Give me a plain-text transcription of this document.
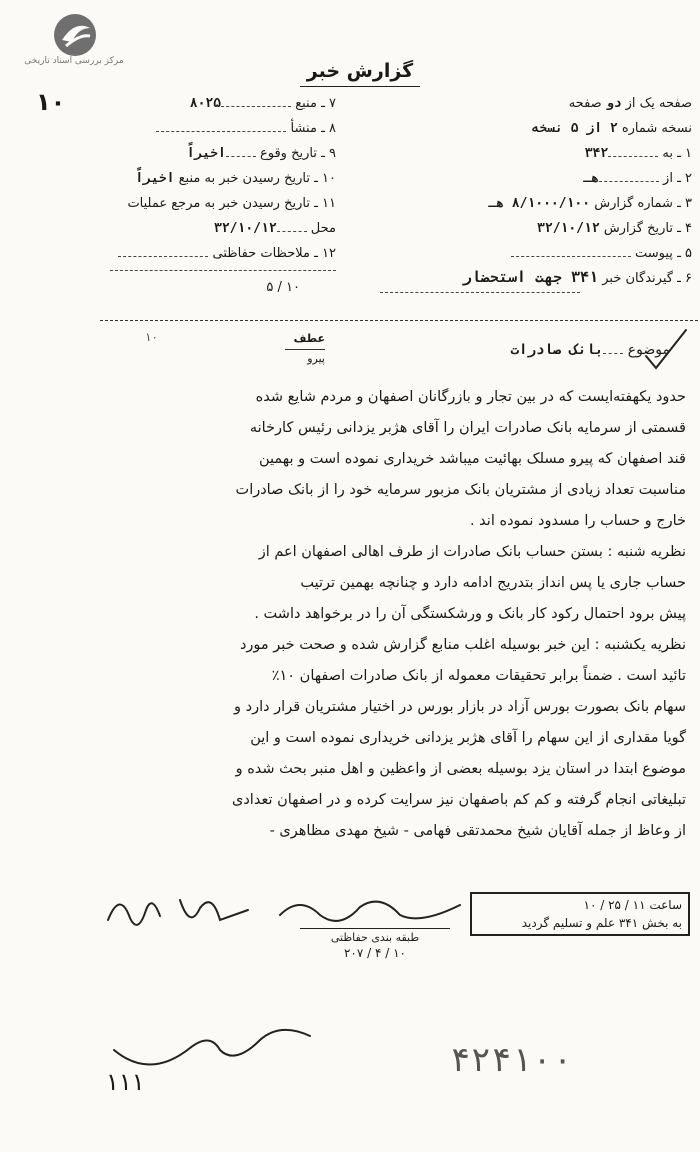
مرکز بررسی اسناد تاریخی	گزارش خبر
۱۰	۷ ـ منبع ۸۰۲۵
۸ ـ منشأ
۹ ـ تاریخ وقوع اخیراً
۱۰ ـ تاریخ رسیدن خبر به منبع اخیراً
۱۱ ـ تاریخ رسیدن خبر به مرجع عملیات
محل ۳۲/۱۰/۱۲
۱۲ ـ ملاحظات حفاظتی
۵ / ۱۰
صفحه یک از دو صفحه
نسخه شماره ۲ از ۵ نسخه
۱ ـ به ۳۴۲
۲ ـ از هـ
۳ ـ شماره گزارش ۸/۱۰۰۰/۱۰۰ هـ
۴ ـ تاریخ گزارش ۳۲/۱۰/۱۲
۵ ـ پیوست
۶ ـ گیرندگان خبر ۳۴۱ جهت استحضار
عطف
پیرو
۱۰
موضوع بانک صادرات

حدود یکهفته‌ایست که در بین تجار و بازرگانان اصفهان و مردم شایع شده

قسمتی از سرمایه بانک صادرات ایران را آقای هژبر یزدانی رئیس کارخانه

قند اصفهان که پیرو مسلک بهائیت میباشد خریداری نموده است و بهمین

مناسبت تعداد زیادی از مشتریان بانک مزبور سرمایه خود را از بانک صادرات

خارج و حساب را مسدود نموده اند .

نظریه شنبه : بستن حساب بانک صادرات از طرف اهالی اصفهان اعم از

حساب جاری یا پس انداز بتدریج ادامه دارد و چنانچه بهمین ترتیب

پیش برود احتمال رکود کار بانک و ورشکستگی آن را در برخواهد داشت .

نظریه یکشنبه : این خبر بوسیله اغلب منابع گزارش شده و صحت خبر مورد

تائید است . ضمناً برابر تحقیقات معموله از بانک صادرات اصفهان ۱۰٪

سهام بانک بصورت بورس آزاد در بازار بورس در اختیار مشتریان قرار دارد و

گویا مقداری از این سهام را آقای هژبر یزدانی خریداری نموده است و این

موضوع ابتدا در استان یزد بوسیله بعضی از واعظین و اهل منبر بحث شده و

تبلیغاتی انجام گرفته و کم کم باصفهان نیز سرایت کرده و در اصفهان تعدادی

از وعاظ از جمله آقایان شیخ محمدتقی فهامی - شیخ مهدی مظاهری -

طبقه بندی حفاظتی
۲۰۷ / ۴ / ۱۰
ساعت ۱۱ / ۲۵ / ۱۰
به بخش ۳۴۱ علم و تسلیم گردید
۱۱۱
۴۲۴۱۰۰
